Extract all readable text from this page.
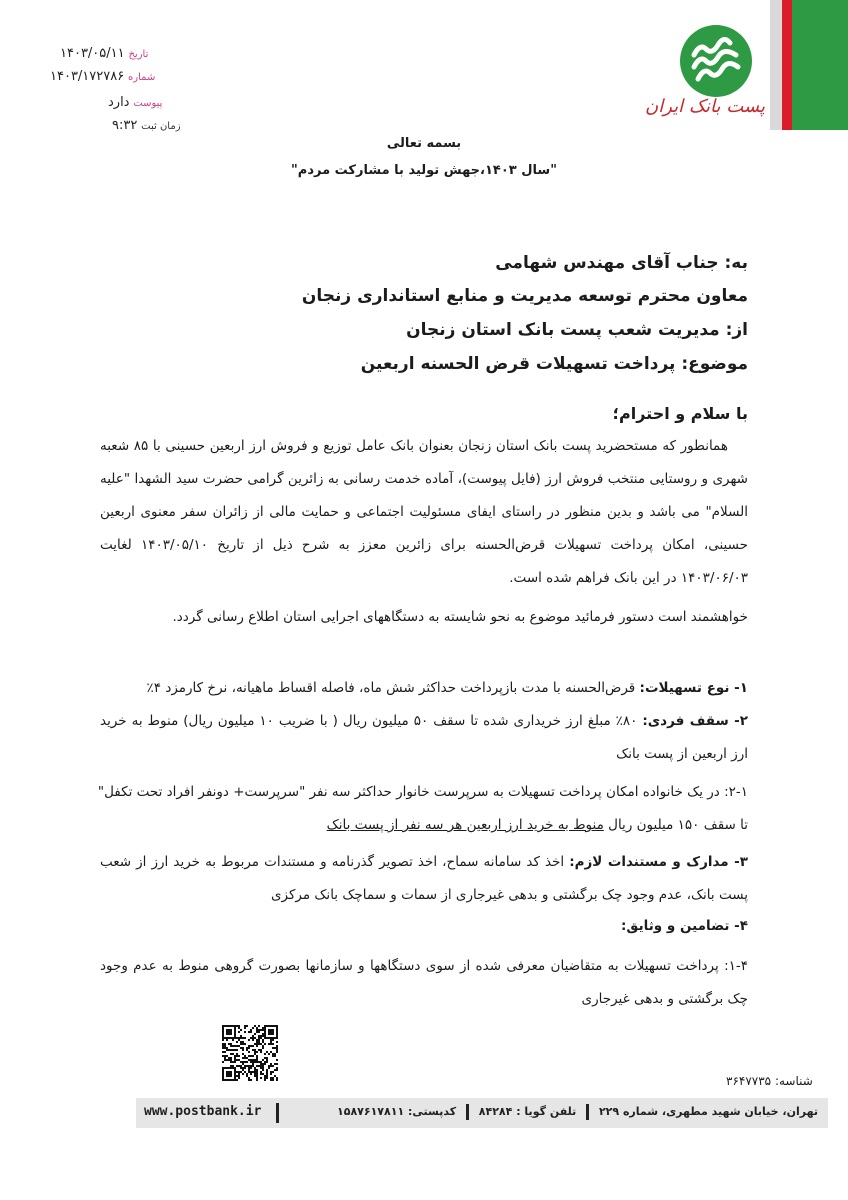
پست بانک ایران
تاریخ ۱۴۰۳/۰۵/۱۱
شماره ۱۴۰۳/۱۷۲۷۸۶
پیوست دارد
زمان ثبت ۹:۳۲
بسمه تعالی
"سال ۱۴۰۳،جهش تولید با مشارکت مردم"
به: جناب آقای مهندس شهامی
معاون محترم توسعه مدیریت و منابع استانداری زنجان
از: مدیریت شعب پست بانک استان زنجان
موضوع: پرداخت تسهیلات قرض الحسنه اربعین
با سلام و احترام؛
همانطور که مستحضرید پست بانک استان زنجان بعنوان بانک عامل توزیع و فروش ارز اربعین حسینی با ۸۵ شعبه شهری و روستایی منتخب فروش ارز (فایل پیوست)، آماده خدمت رسانی به زائرین گرامی حضرت سید الشهدا "علیه السلام" می باشد و بدین منظور در راستای ایفای مسئولیت اجتماعی و حمایت مالی از زائران سفر معنوی اربعین حسینی، امکان پرداخت تسهیلات قرض‌الحسنه برای زائرین معزز به شرح ذیل از تاریخ ۱۴۰۳/۰۵/۱۰ لغایت ۱۴۰۳/۰۶/۰۳ در این بانک فراهم شده است.
خواهشمند است دستور فرمائید موضوع به نحو شایسته به دستگاههای اجرایی استان اطلاع رسانی گردد.
۱- نوع تسهیلات: قرض‌الحسنه با مدت بازپرداخت حداکثر شش ماه، فاصله اقساط ماهیانه، نرخ کارمزد ۴٪
۲- سقف فردی: ۸۰٪ مبلغ ارز خریداری شده تا سقف ۵۰ میلیون ریال ( با ضریب ۱۰ میلیون ریال) منوط به خرید ارز اربعین از پست بانک
۲-۱: در یک خانواده امکان پرداخت تسهیلات به سرپرست خانوار حداکثر سه نفر "سرپرست+ دونفر افراد تحت تکفل"
تا سقف ۱۵۰ میلیون ریال منوط به خرید ارز اربعین هر سه نفر از پست بانک
۳- مدارک و مستندات لازم: اخذ کد سامانه سماح، اخذ تصویر گذرنامه و مستندات مربوط به خرید ارز از شعب پست بانک، عدم وجود چک برگشتی و بدهی غیرجاری از سمات و سماچک بانک مرکزی
۴- تضامین و وثایق:
۱-۴: پرداخت تسهیلات به متقاضیان معرفی شده از سوی دستگاهها و سازمانها بصورت گروهی منوط به عدم وجود چک برگشتی و بدهی غیرجاری
شناسه: ۳۶۴۷۷۳۵
www.postbank.ir	تهران، خیابان شهید مطهری، شماره ۲۲۹  تلفن گویا : ۸۴۲۸۴  کدپستی: ۱۵۸۷۶۱۷۸۱۱
